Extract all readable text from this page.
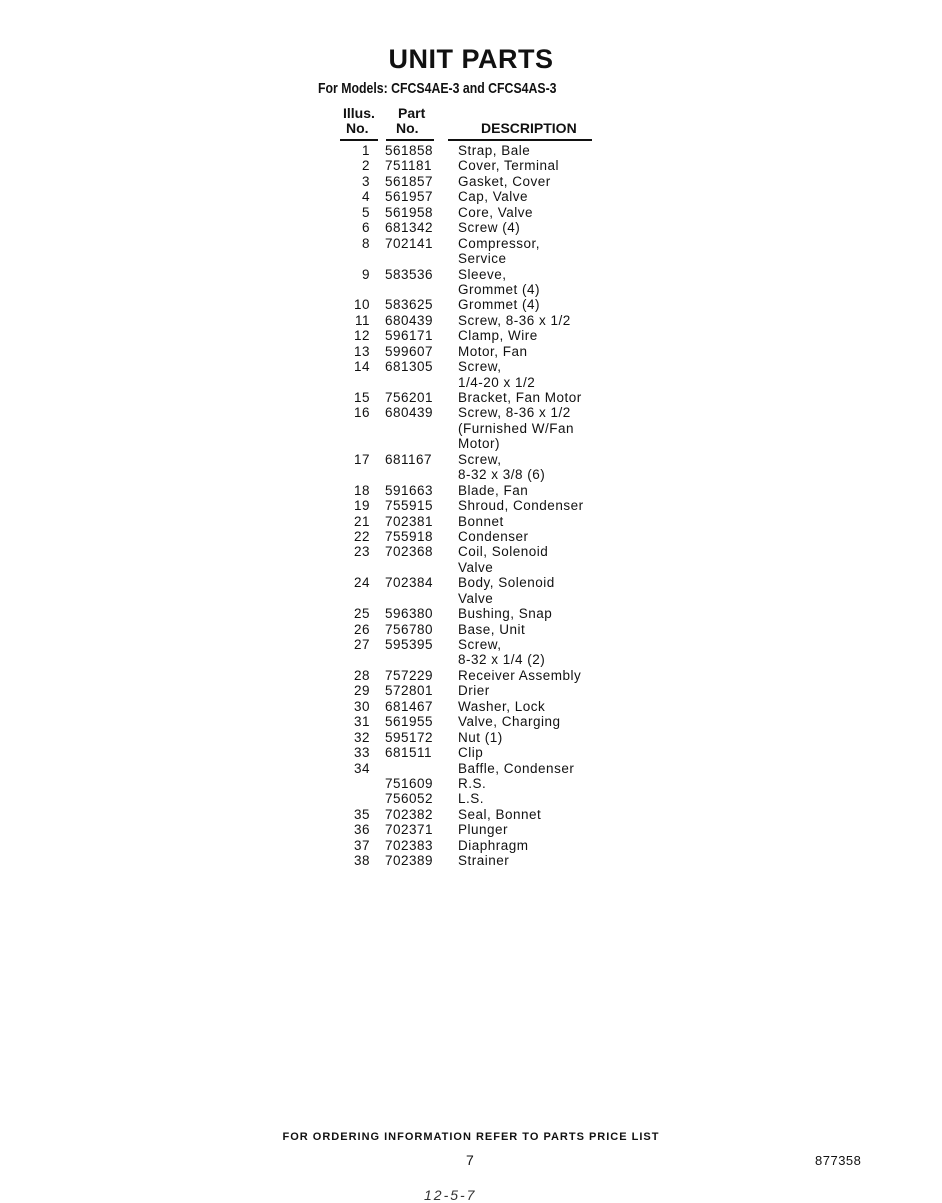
UNIT PARTS
For Models: CFCS4AE-3 and CFCS4AS-3
Illus.
No.
Part
No.	DESCRIPTION
1 561858 Strap, Bale
2 751181 Cover, Terminal
3 561857 Gasket, Cover
4 561957 Cap, Valve
5 561958 Core, Valve
6 681342 Screw (4)
8 702141 Compressor,
Service
9 583536 Sleeve,
Grommet (4)
10 583625 Grommet (4)
11 680439 Screw, 8-36 x 1/2
12 596171 Clamp, Wire
13 599607 Motor, Fan
14 681305 Screw,
1/4-20 x 1/2
15 756201 Bracket, Fan Motor
16 680439 Screw, 8-36 x 1/2
(Furnished W/Fan
Motor)
17 681167 Screw,
8-32 x 3/8 (6)
18 591663 Blade, Fan
19 755915 Shroud, Condenser
21 702381 Bonnet
22 755918 Condenser
23 702368 Coil, Solenoid
Valve
24 702384 Body, Solenoid
Valve
25 596380 Bushing, Snap
26 756780 Base, Unit
27 595395 Screw,
8-32 x 1/4 (2)
28 757229 Receiver Assembly
29 572801 Drier
30 681467 Washer, Lock
31 561955 Valve, Charging
32 595172 Nut (1)
33 681511 Clip
34	Baffle, Condenser
751609 R.S.
756052 L.S.
35 702382 Seal, Bonnet
36 702371 Plunger
37 702383 Diaphragm
38 702389 Strainer
FOR ORDERING INFORMATION REFER TO PARTS PRICE LIST
7	877358
12-5-7
